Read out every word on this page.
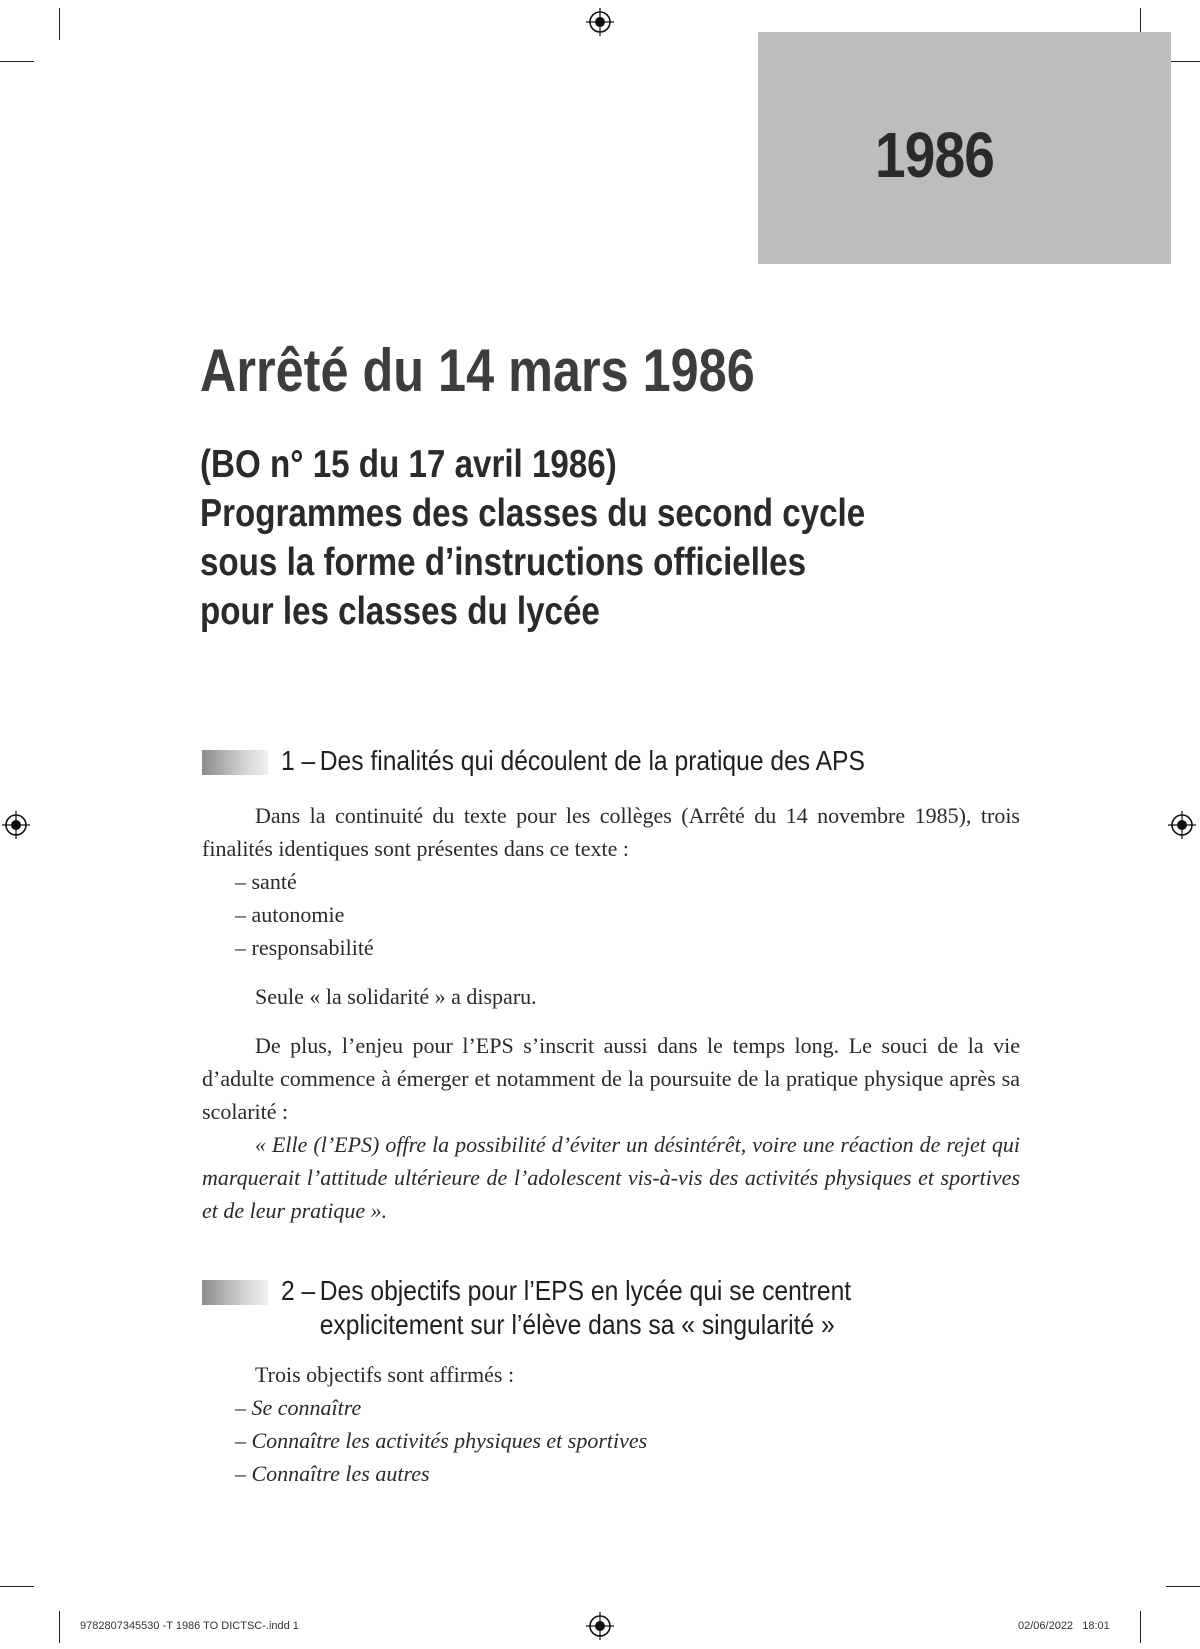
1986
Arrêté du 14 mars 1986
(BO n° 15 du 17 avril 1986)
Programmes des classes du second cycle
sous la forme d’instructions officielles
pour les classes du lycée
1 – Des finalités qui découlent de la pratique des APS

Dans la continuité du texte pour les collèges (Arrêté du 14 novembre 1985), trois finalités identiques sont présentes dans ce texte :

– santé

– autonomie

– responsabilité

Seule « la solidarité » a disparu.

De plus, l’enjeu pour l’EPS s’inscrit aussi dans le temps long. Le souci de la vie d’adulte commence à émerger et notamment de la poursuite de la pratique physique après sa scolarité :

« Elle (l’EPS) offre la possibilité d’éviter un désintérêt, voire une réaction de rejet qui marquerait l’attitude ultérieure de l’adolescent vis-à-vis des activités physiques et sportives et de leur pratique ».

2 – Des objectifs pour l’EPS en lycée qui se centrent
explicitement sur l’élève dans sa « singularité »

Trois objectifs sont affirmés :

– Se connaître

– Connaître les activités physiques et sportives

– Connaître les autres

9782807345530 -T 1986 TO DICTSC-.indd 1	02/06/2022 18:01
